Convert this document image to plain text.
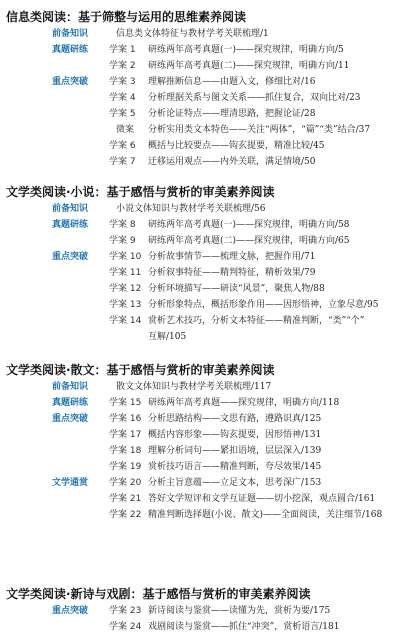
信息类阅读：基于筛整与运用的思维素养阅读
前备知识	信息类文体特征与教材学考关联梳理/1
真题研练	学案 1	研练两年高考真题(一)——探究规律，明确方向/5
学案 2	研练两年高考真题(二)——探究规律，明确方向/11
重点突破	学案 3	理解推断信息——由题入文，修细比对/16
学案 4	分析理据关系与图文关系——抓住复合，双向比对/23
学案 5	分析论证特点——理清思路，把握论证/28
微案	分析实用类文本特色——关注“两体”，“篇”“类”结合/37
学案 6	概括与比较要点——钩玄提要，精准比较/45
学案 7	迁移运用观点——内外关联，满足情境/50
文学类阅读·小说：基于感悟与赏析的审美素养阅读
前备知识	小说文体知识与教材学考关联梳理/56
真题研练	学案 8	研练两年高考真题(一)——探究规律，明确方向/58
学案 9	研练两年高考真题(二)——探究规律，明确方向/65
重点突破	学案 10 分析故事情节——梳理文脉，把握作用/71
学案 11 分析叙事特征——精判特征，精析效果/79
学案 12 分析环境描写——研读“风景”，聚焦人物/88
学案 13 分析形象特点，概括形象作用——因形悟神，立象尽意/95
学案 14 赏析艺术技巧，分析文本特征——精准判断，“类”“个”
互解/105
文学类阅读·散文：基于感悟与赏析的审美素养阅读
前备知识	散文文体知识与教材学考关联梳理/117
真题研练	学案 15 研练两年高考真题——探究规律，明确方向/118
重点突破	学案 16 分析思路结构——文思有路，遵路识真/125
学案 17 概括内容形象——钩玄提要，因形悟神/131
学案 18 理解分析词句——紧扣语境，层层深入/139
学案 19 赏析技巧语言——精准判断，夸尽效果/145
文学通赏	学案 20 分析主旨意蕴——立足文本，思考深广/153
学案 21 答好文学短评和文学互证题——切小挖深，观点圆合/161
学案 22 精准判断选择题(小说、散文)——全面阅读，关注细节/168
文学类阅读·新诗与戏剧：基于感悟与赏析的审美素养阅读
重点突破	学案 23 新诗阅读与鉴赏——读懂为先，赏析为要/175
学案 24 戏剧阅读与鉴赏——抓住“冲突”，赏析语言/181
